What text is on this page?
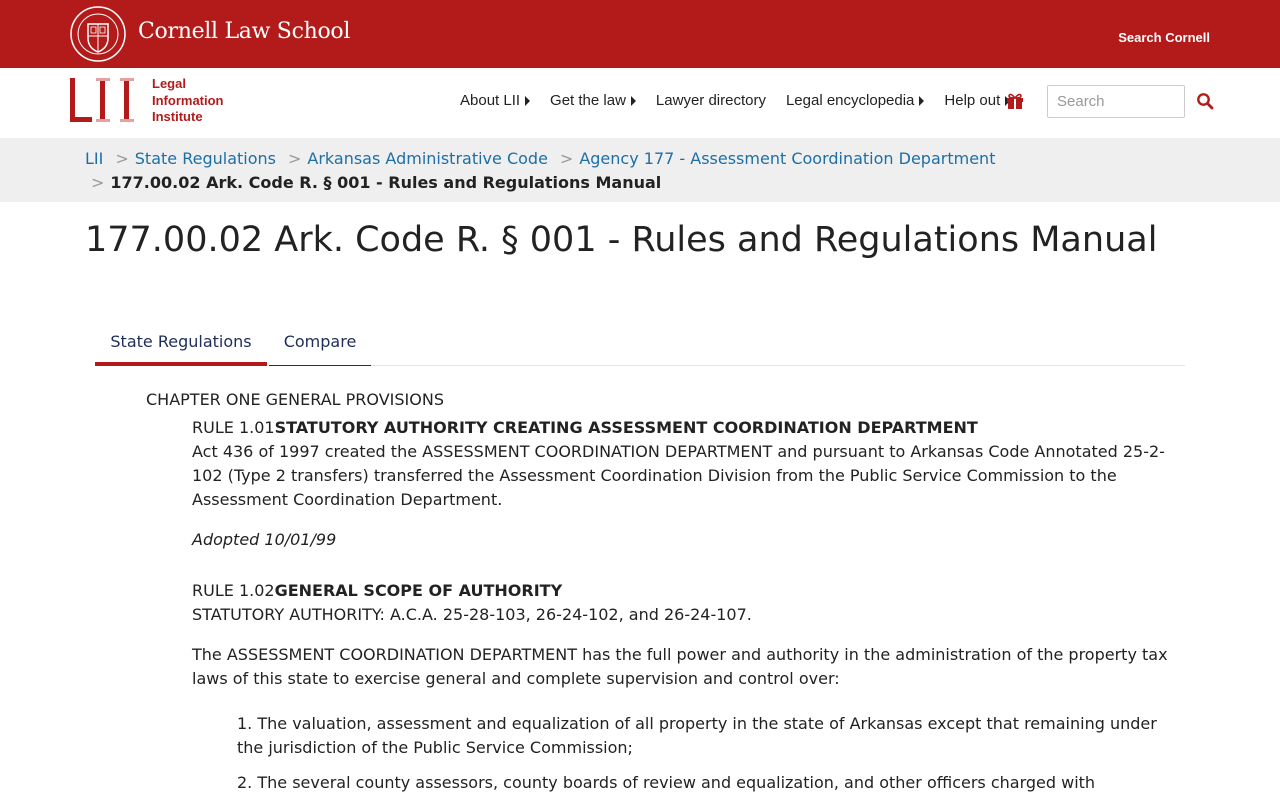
Cornell Law School	Search Cornell
Legal
Information
Institute
About LII Get the law Lawyer directory Legal encyclopedia Help out	Search
LII > State Regulations > Arkansas Administrative Code > Agency 177 - Assessment Coordination Department
> 177.00.02 Ark. Code R. § 001 - Rules and Regulations Manual
177.00.02 Ark. Code R. § 001 - Rules and Regulations Manual
State Regulations	Compare
CHAPTER ONE GENERAL PROVISIONS
RULE 1.01STATUTORY AUTHORITY CREATING ASSESSMENT COORDINATION DEPARTMENT
Act 436 of 1997 created the ASSESSMENT COORDINATION DEPARTMENT and pursuant to Arkansas Code Annotated 25-2-102 (Type 2 transfers) transferred the Assessment Coordination Division from the Public Service Commission to the Assessment Coordination Department.
Adopted 10/01/99
RULE 1.02GENERAL SCOPE OF AUTHORITY
STATUTORY AUTHORITY: A.C.A. 25-28-103, 26-24-102, and 26-24-107.
The ASSESSMENT COORDINATION DEPARTMENT has the full power and authority in the administration of the property tax laws of this state to exercise general and complete supervision and control over:
1. The valuation, assessment and equalization of all property in the state of Arkansas except that remaining under the jurisdiction of the Public Service Commission;
2. The several county assessors, county boards of review and equalization, and other officers charged with
